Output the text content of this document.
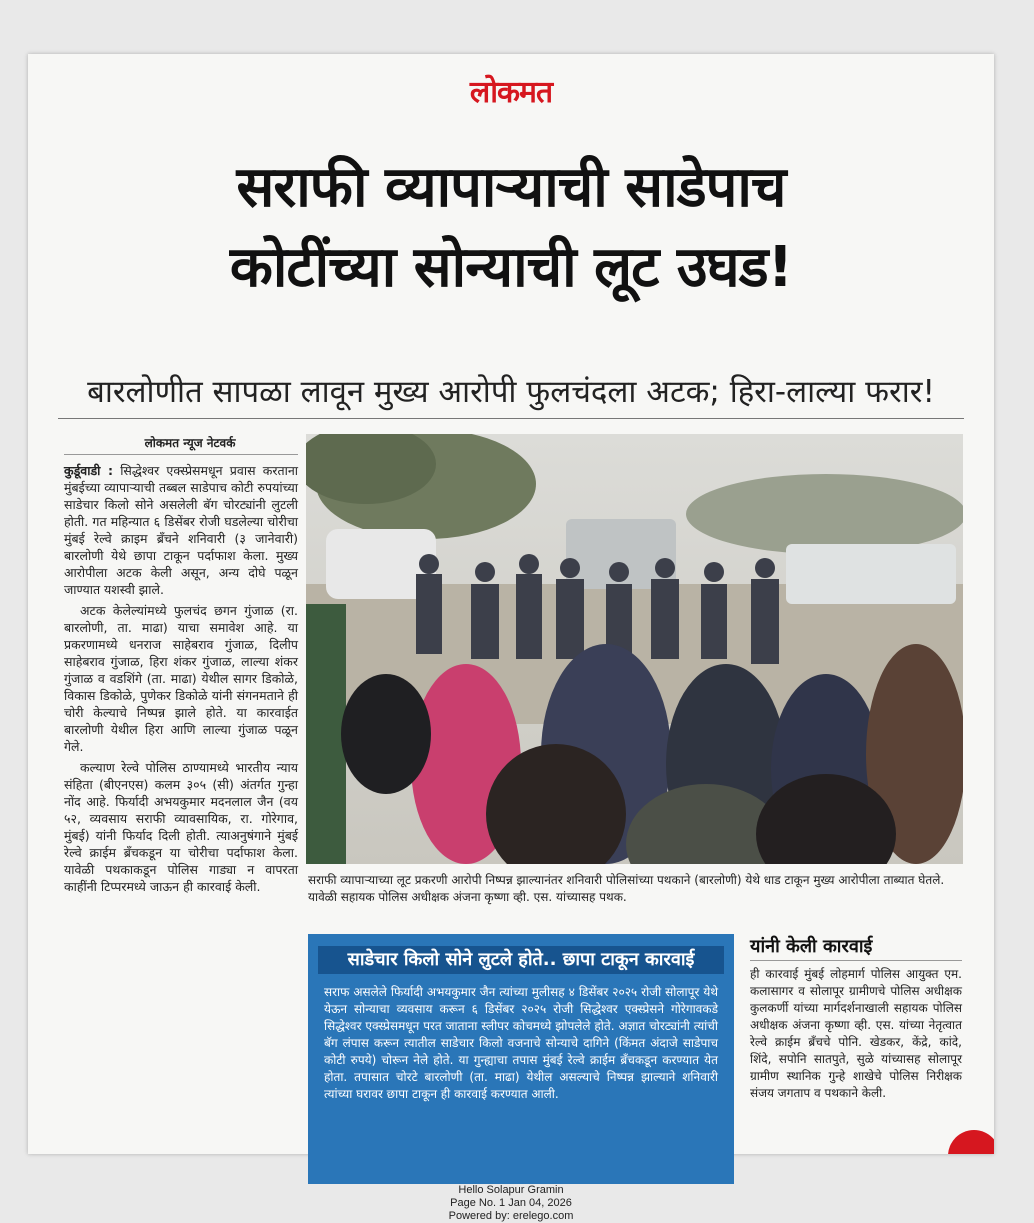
लोकमत
सराफी व्यापाऱ्याची साडेपाच
कोटींच्या सोन्याची लूट उघड!
बारलोणीत सापळा लावून मुख्य आरोपी फुलचंदला अटक; हिरा-लाल्या फरार!
लोकमत न्यूज नेटवर्क

कुर्डूवाडी : सिद्धेश्वर एक्स्प्रेसमधून प्रवास करताना मुंबईच्या व्यापाऱ्याची तब्बल साडेपाच कोटी रुपयांच्या साडेचार किलो सोने असलेली बॅग चोरट्यांनी लुटली होती. गत महिन्यात ६ डिसेंबर रोजी घडलेल्या चोरीचा मुंबई रेल्वे क्राइम ब्रँचने शनिवारी (३ जानेवारी) बारलोणी येथे छापा टाकून पर्दाफाश केला. मुख्य आरोपीला अटक केली असून, अन्य दोघे पळून जाण्यात यशस्वी झाले.

अटक केलेल्यांमध्ये फुलचंद छगन गुंजाळ (रा. बारलोणी, ता. माढा) याचा समावेश आहे. या प्रकरणामध्ये धनराज साहेबराव गुंजाळ, दिलीप साहेबराव गुंजाळ, हिरा शंकर गुंजाळ, लाल्या शंकर गुंजाळ व वडशिंगे (ता. माढा) येथील सागर डिकोळे, विकास डिकोळे, पुणेकर डिकोळे यांनी संगनमताने ही चोरी केल्याचे निष्पन्न झाले होते. या कारवाईत बारलोणी येथील हिरा आणि लाल्या गुंजाळ पळून गेले.

कल्याण रेल्वे पोलिस ठाण्यामध्ये भारतीय न्याय संहिता (बीएनएस) कलम ३०५ (सी) अंतर्गत गुन्हा नोंद आहे. फिर्यादी अभयकुमार मदनलाल जैन (वय ५२, व्यवसाय सराफी व्यावसायिक, रा. गोरेगाव, मुंबई) यांनी फिर्याद दिली होती. त्याअनुषंगाने मुंबई रेल्वे क्राईम ब्रँचकडून या चोरीचा पर्दाफाश केला. यावेळी पथकाकडून पोलिस गाड्या न वापरता काहींनी टिप्परमध्ये जाऊन ही कारवाई केली.	सराफी व्यापाऱ्याच्या लूट प्रकरणी आरोपी निष्पन्न झाल्यानंतर शनिवारी पोलिसांच्या पथकाने (बारलोणी) येथे धाड टाकून मुख्य आरोपीला ताब्यात घेतले. यावेळी सहायक पोलिस अधीक्षक अंजना कृष्णा व्ही. एस. यांच्यासह पथक.
साडेचार किलो सोने लुटले होते.. छापा टाकून कारवाई
सराफ असलेले फिर्यादी अभयकुमार जैन त्यांच्या मुलीसह ४ डिसेंबर २०२५ रोजी सोलापूर येथे येऊन सोन्याचा व्यवसाय करून ६ डिसेंबर २०२५ रोजी सिद्धेश्वर एक्स्प्रेसने गोरेगावकडे सिद्धेश्वर एक्स्प्रेसमधून परत जाताना स्लीपर कोचमध्ये झोपलेले होते. अज्ञात चोरट्यांनी त्यांची बॅग लंपास करून त्यातील साडेचार किलो वजनाचे सोन्याचे दागिने (किंमत अंदाजे साडेपाच कोटी रुपये) चोरून नेले होते. या गुन्ह्याचा तपास मुंबई रेल्वे क्राईम ब्रँचकडून करण्यात येत होता. तपासात चोरटे बारलोणी (ता. माढा) येथील असल्याचे निष्पन्न झाल्याने शनिवारी त्यांच्या घरावर छापा टाकून ही कारवाई करण्यात आली.
यांनी केली कारवाई
ही कारवाई मुंबई लोहमार्ग पोलिस आयुक्त एम. कलासागर व सोलापूर ग्रामीणचे पोलिस अधीक्षक कुलकर्णी यांच्या मार्गदर्शनाखाली सहायक पोलिस अधीक्षक अंजना कृष्णा व्ही. एस. यांच्या नेतृत्वात रेल्वे क्राईम ब्रँचचे पोनि. खेडकर, केंद्रे, कांदे, शिंदे, सपोनि सातपुते, सुळे यांच्यासह सोलापूर ग्रामीण स्थानिक गुन्हे शाखेचे पोलिस निरीक्षक संजय जगताप व पथकाने केली.
Hello Solapur Gramin
Page No. 1 Jan 04, 2026
Powered by: erelego.com
